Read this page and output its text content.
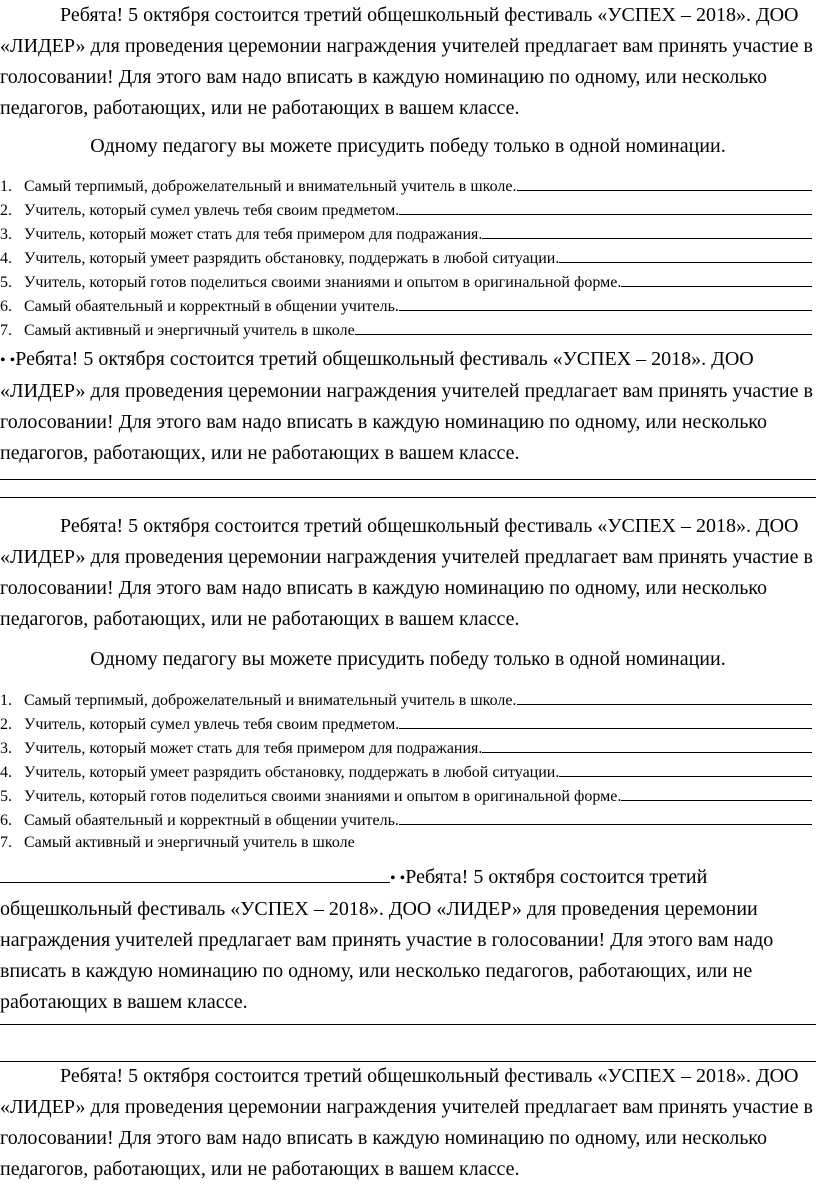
Ребята! 5 октября состоится третий общешкольный фестиваль «УСПЕХ – 2018». ДОО «ЛИДЕР» для проведения церемонии награждения учителей предлагает вам принять участие в голосовании! Для этого вам надо вписать в каждую номинацию по одному, или несколько педагогов, работающих, или не работающих в вашем классе.

Одному педагогу вы можете присудить победу только в одной номинации.

1. Самый терпимый, доброжелательный и внимательный учитель в школе.
2. Учитель, который сумел увлечь тебя своим предметом.
3. Учитель, который может стать для тебя примером для подражания.
4. Учитель, который умеет разрядить обстановку, поддержать в любой ситуации.
5. Учитель, который готов поделиться своими знаниями и опытом в оригинальной форме.
6. Самый обаятельный и корректный в общении учитель.
7. Самый активный и энергичный учитель в школе

• •Ребята! 5 октября состоится третий общешкольный фестиваль «УСПЕХ – 2018». ДОО «ЛИДЕР» для проведения церемонии награждения учителей предлагает вам принять участие в голосовании! Для этого вам надо вписать в каждую номинацию по одному, или несколько педагогов, работающих, или не работающих в вашем классе.

Ребята! 5 октября состоится третий общешкольный фестиваль «УСПЕХ – 2018». ДОО «ЛИДЕР» для проведения церемонии награждения учителей предлагает вам принять участие в голосовании! Для этого вам надо вписать в каждую номинацию по одному, или несколько педагогов, работающих, или не работающих в вашем классе.

Одному педагогу вы можете присудить победу только в одной номинации.

1. Самый терпимый, доброжелательный и внимательный учитель в школе.
2. Учитель, который сумел увлечь тебя своим предметом.
3. Учитель, который может стать для тебя примером для подражания.
4. Учитель, который умеет разрядить обстановку, поддержать в любой ситуации.
5. Учитель, который готов поделиться своими знаниями и опытом в оригинальной форме.
6. Самый обаятельный и корректный в общении учитель.
7. Самый активный и энергичный учитель в школе

• •Ребята! 5 октября состоится третий общешкольный фестиваль «УСПЕХ – 2018». ДОО «ЛИДЕР» для проведения церемонии награждения учителей предлагает вам принять участие в голосовании! Для этого вам надо вписать в каждую номинацию по одному, или несколько педагогов, работающих, или не работающих в вашем классе.

Ребята! 5 октября состоится третий общешкольный фестиваль «УСПЕХ – 2018». ДОО «ЛИДЕР» для проведения церемонии награждения учителей предлагает вам принять участие в голосовании! Для этого вам надо вписать в каждую номинацию по одному, или несколько педагогов, работающих, или не работающих в вашем классе.
